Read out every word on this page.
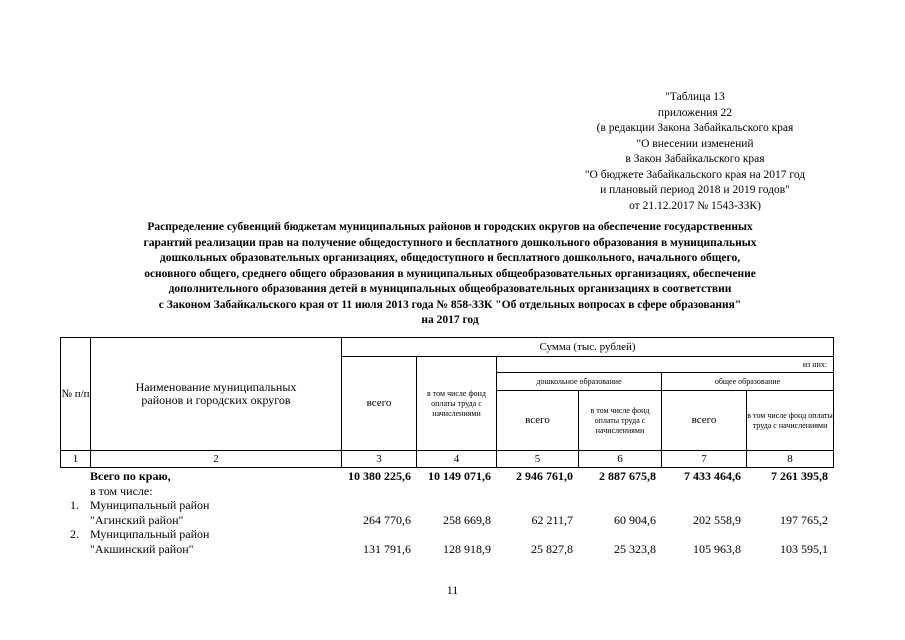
"Таблица 13
приложения 22
(в редакции Закона Забайкальского края
"О внесении изменений
в Закон Забайкальского края
"О бюджете Забайкальского края на 2017 год
и плановый период 2018 и 2019 годов"
от 21.12.2017 № 1543-ЗЗК)
Распределение субвенций бюджетам муниципальных районов и городских округов на обеспечение государственных
гарантий реализации прав на получение общедоступного и бесплатного дошкольного образования в муниципальных
дошкольных образовательных организациях, общедоступного и бесплатного дошкольного, начального общего,
основного общего, среднего общего образования в муниципальных общеобразовательных организациях, обеспечение
дополнительного образования детей в муниципальных общеобразовательных организациях в соответствии
с Законом Забайкальского края от 11 июля 2013 года № 858-ЗЗК "Об отдельных вопросах в сфере образования"
на 2017 год
№ п/п	Наименование муниципальных районов и городских округов	Сумма (тыс. рублей)					
		всего	в том числе фонд оплаты труда с начислениями	из них:			
				дошкольное образование		общее образование	
				всего	в том числе фонд оплаты труда с начислениями	всего	в том числе фонд оплаты труда с начислениями
1	2	3	4	5	6	7	8
	Всего по краю,	10 380 225,6	10 149 071,6	2 946 761,0	2 887 675,8	7 433 464,6	7 261 395,8
	в том числе:						
1.	Муниципальный район						
	"Агинский район"	264 770,6	258 669,8	62 211,7	60 904,6	202 558,9	197 765,2
2.	Муниципальный район						
	"Акшинский район"	131 791,6	128 918,9	25 827,8	25 323,8	105 963,8	103 595,1
11
